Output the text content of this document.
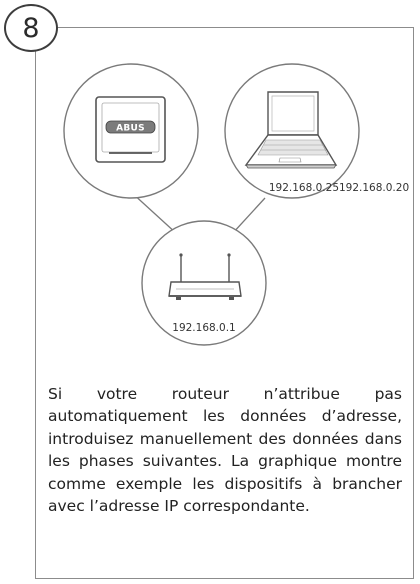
8
ABUS
192.168.0.25192.168.0.20
192.168.0.1

Si votre routeur n’attribue pas automatiquement les données d’adresse, introduisez manuellement des données dans les phases suivantes. La graphique montre comme exemple les dispositifs à brancher avec l’adresse IP correspondante.
